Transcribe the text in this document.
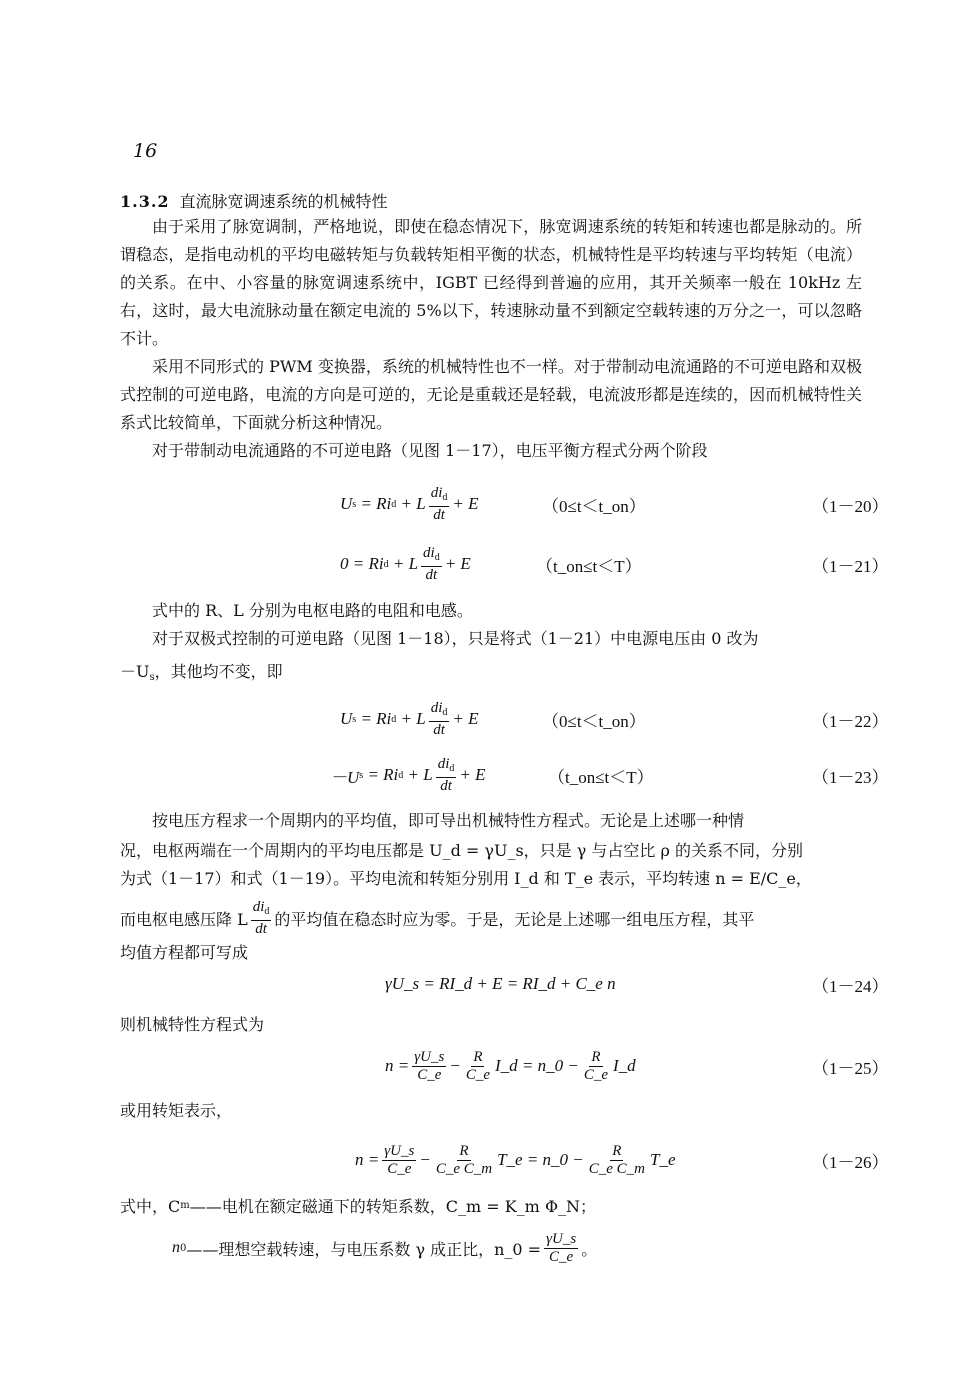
16
1.3.2 直流脉宽调速系统的机械特性

由于采用了脉宽调制，严格地说，即使在稳态情况下，脉宽调速系统的转矩和转速也都是脉动的。所谓稳态，是指电动机的平均电磁转矩与负载转矩相平衡的状态，机械特性是平均转速与平均转矩（电流）的关系。在中、小容量的脉宽调速系统中，IGBT 已经得到普遍的应用，其开关频率一般在 10kHz 左右，这时，最大电流脉动量在额定电流的 5%以下，转速脉动量不到额定空载转速的万分之一，可以忽略不计。

采用不同形式的 PWM 变换器，系统的机械特性也不一样。对于带制动电流通路的不可逆电路和双极式控制的可逆电路，电流的方向是可逆的，无论是重载还是轻载，电流波形都是连续的，因而机械特性关系式比较简单，下面就分析这种情况。

对于带制动电流通路的不可逆电路（见图 1－17），电压平衡方程式分两个阶段

U s
= Ri d
+ L $\frac{di_d}{dt} + E$	（0≤t＜t_on）	（1－20）
0
= Ri d
+ L $\frac{di_d}{dt} + E$	（t_on≤t＜T）	（1－21）

式中的 R、L 分别为电枢电路的电阻和电感。

对于双极式控制的可逆电路（见图 1－18），只是将式（1－21）中电源电压由 0 改为

$-U_s$，其他均不变，即
U s
= Ri d
+ L $\frac{di_d}{dt} + E$	（0≤t＜t_on）	（1－22）
－U s
= Ri d
+ L $\frac{di_d}{dt} + E$	（t_on≤t＜T）	（1－23）
按电压方程求一个周期内的平均值，即可导出机械特性方程式。无论是上述哪一种情
况，电枢两端在一个周期内的平均电压都是 U_d = γU_s，只是 γ 与占空比 ρ 的关系不同，分别
为式（1－17）和式（1－19）。平均电流和转矩分别用 I_d 和 T_e 表示，平均转速 n = E/C_e，
而电枢电感压降 L $\frac{di_d}{dt}$ 的平均值在稳态时应为零。于是，无论是上述哪一组电压方程，其平
均值方程都可写成
γU_s = RI_d + E = RI_d + C_e n	（1－24）
则机械特性方程式为
$n = \frac{\gamma U\_s}{C\_e} - \frac{R}{C\_e}$ I_d = n_0 − $\frac{R}{C\_e}$ I_d	（1－25）
或用转矩表示，
$n = \frac{\gamma U\_s}{C\_e} - \frac{R}{\text{C\_e C\_m}}$ T_e = n_0 − $\frac{R}{\text{C\_e C\_m}}$ T_e	（1－26）
式中，C m ——电机在额定磁通下的转矩系数，C_m = K_m Φ_N；
n 0 ——理想空载转速，与电压系数 γ 成正比，n_0 = $\frac{\gamma U\_s}{C\_e}$ 。
